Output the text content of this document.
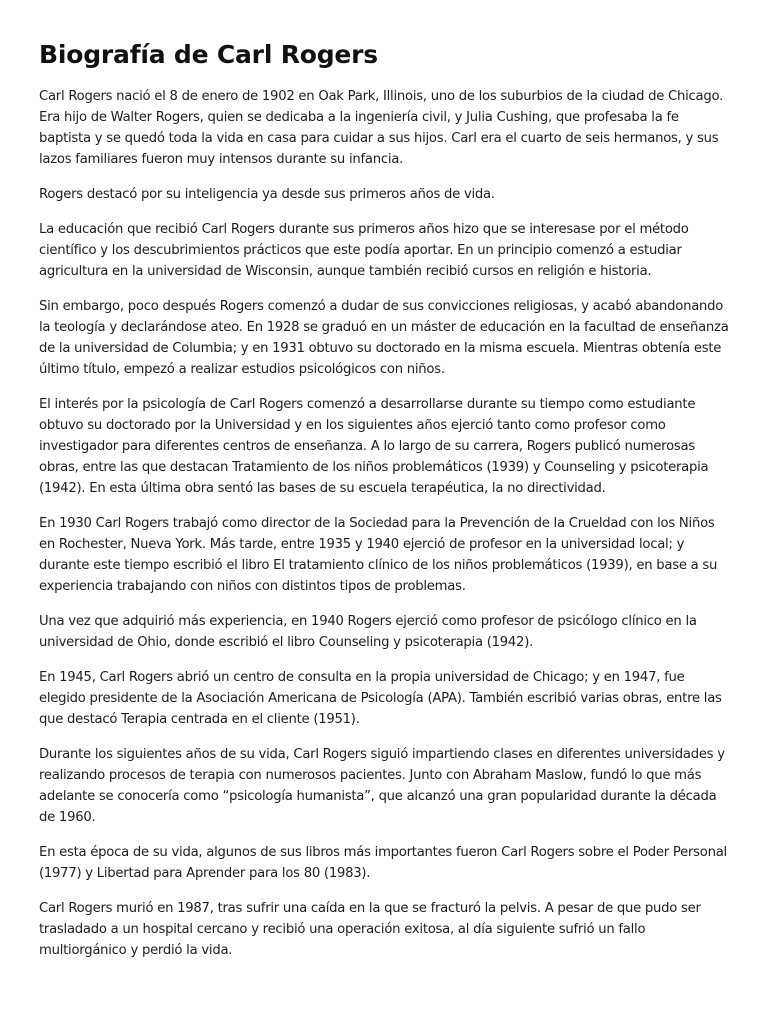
Biografía de Carl Rogers

Carl Rogers nació el 8 de enero de 1902 en Oak Park, Illinois, uno de los suburbios de la ciudad de Chicago. Era hijo de Walter Rogers, quien se dedicaba a la ingeniería civil, y Julia Cushing, que profesaba la fe baptista y se quedó toda la vida en casa para cuidar a sus hijos. Carl era el cuarto de seis hermanos, y sus lazos familiares fueron muy intensos durante su infancia.

Rogers destacó por su inteligencia ya desde sus primeros años de vida.

La educación que recibió Carl Rogers durante sus primeros años hizo que se interesase por el método científico y los descubrimientos prácticos que este podía aportar. En un principio comenzó a estudiar agricultura en la universidad de Wisconsin, aunque también recibió cursos en religión e historia.

Sin embargo, poco después Rogers comenzó a dudar de sus convicciones religiosas, y acabó abandonando la teología y declarándose ateo. En 1928 se graduó en un máster de educación en la facultad de enseñanza de la universidad de Columbia; y en 1931 obtuvo su doctorado en la misma escuela. Mientras obtenía este último título, empezó a realizar estudios psicológicos con niños.

El interés por la psicología de Carl Rogers comenzó a desarrollarse durante su tiempo como estudiante obtuvo su doctorado por la Universidad y en los siguientes años ejerció tanto como profesor como investigador para diferentes centros de enseñanza. A lo largo de su carrera, Rogers publicó numerosas obras, entre las que destacan Tratamiento de los niños problemáticos (1939) y Counseling y psicoterapia (1942). En esta última obra sentó las bases de su escuela terapéutica, la no directividad.

En 1930 Carl Rogers trabajó como director de la Sociedad para la Prevención de la Crueldad con los Niños en Rochester, Nueva York. Más tarde, entre 1935 y 1940 ejerció de profesor en la universidad local; y durante este tiempo escribió el libro El tratamiento clínico de los niños problemáticos (1939), en base a su experiencia trabajando con niños con distintos tipos de problemas.

Una vez que adquirió más experiencia, en 1940 Rogers ejerció como profesor de psicólogo clínico en la universidad de Ohio, donde escribió el libro Counseling y psicoterapia (1942).

En 1945, Carl Rogers abrió un centro de consulta en la propia universidad de Chicago; y en 1947, fue elegido presidente de la Asociación Americana de Psicología (APA). También escribió varias obras, entre las que destacó Terapia centrada en el cliente (1951).

Durante los siguientes años de su vida, Carl Rogers siguió impartiendo clases en diferentes universidades y realizando procesos de terapia con numerosos pacientes. Junto con Abraham Maslow, fundó lo que más adelante se conocería como “psicología humanista”, que alcanzó una gran popularidad durante la década de 1960.

En esta época de su vida, algunos de sus libros más importantes fueron Carl Rogers sobre el Poder Personal (1977) y Libertad para Aprender para los 80 (1983).

Carl Rogers murió en 1987, tras sufrir una caída en la que se fracturó la pelvis. A pesar de que pudo ser trasladado a un hospital cercano y recibió una operación exitosa, al día siguiente sufrió un fallo multiorgánico y perdió la vida.
